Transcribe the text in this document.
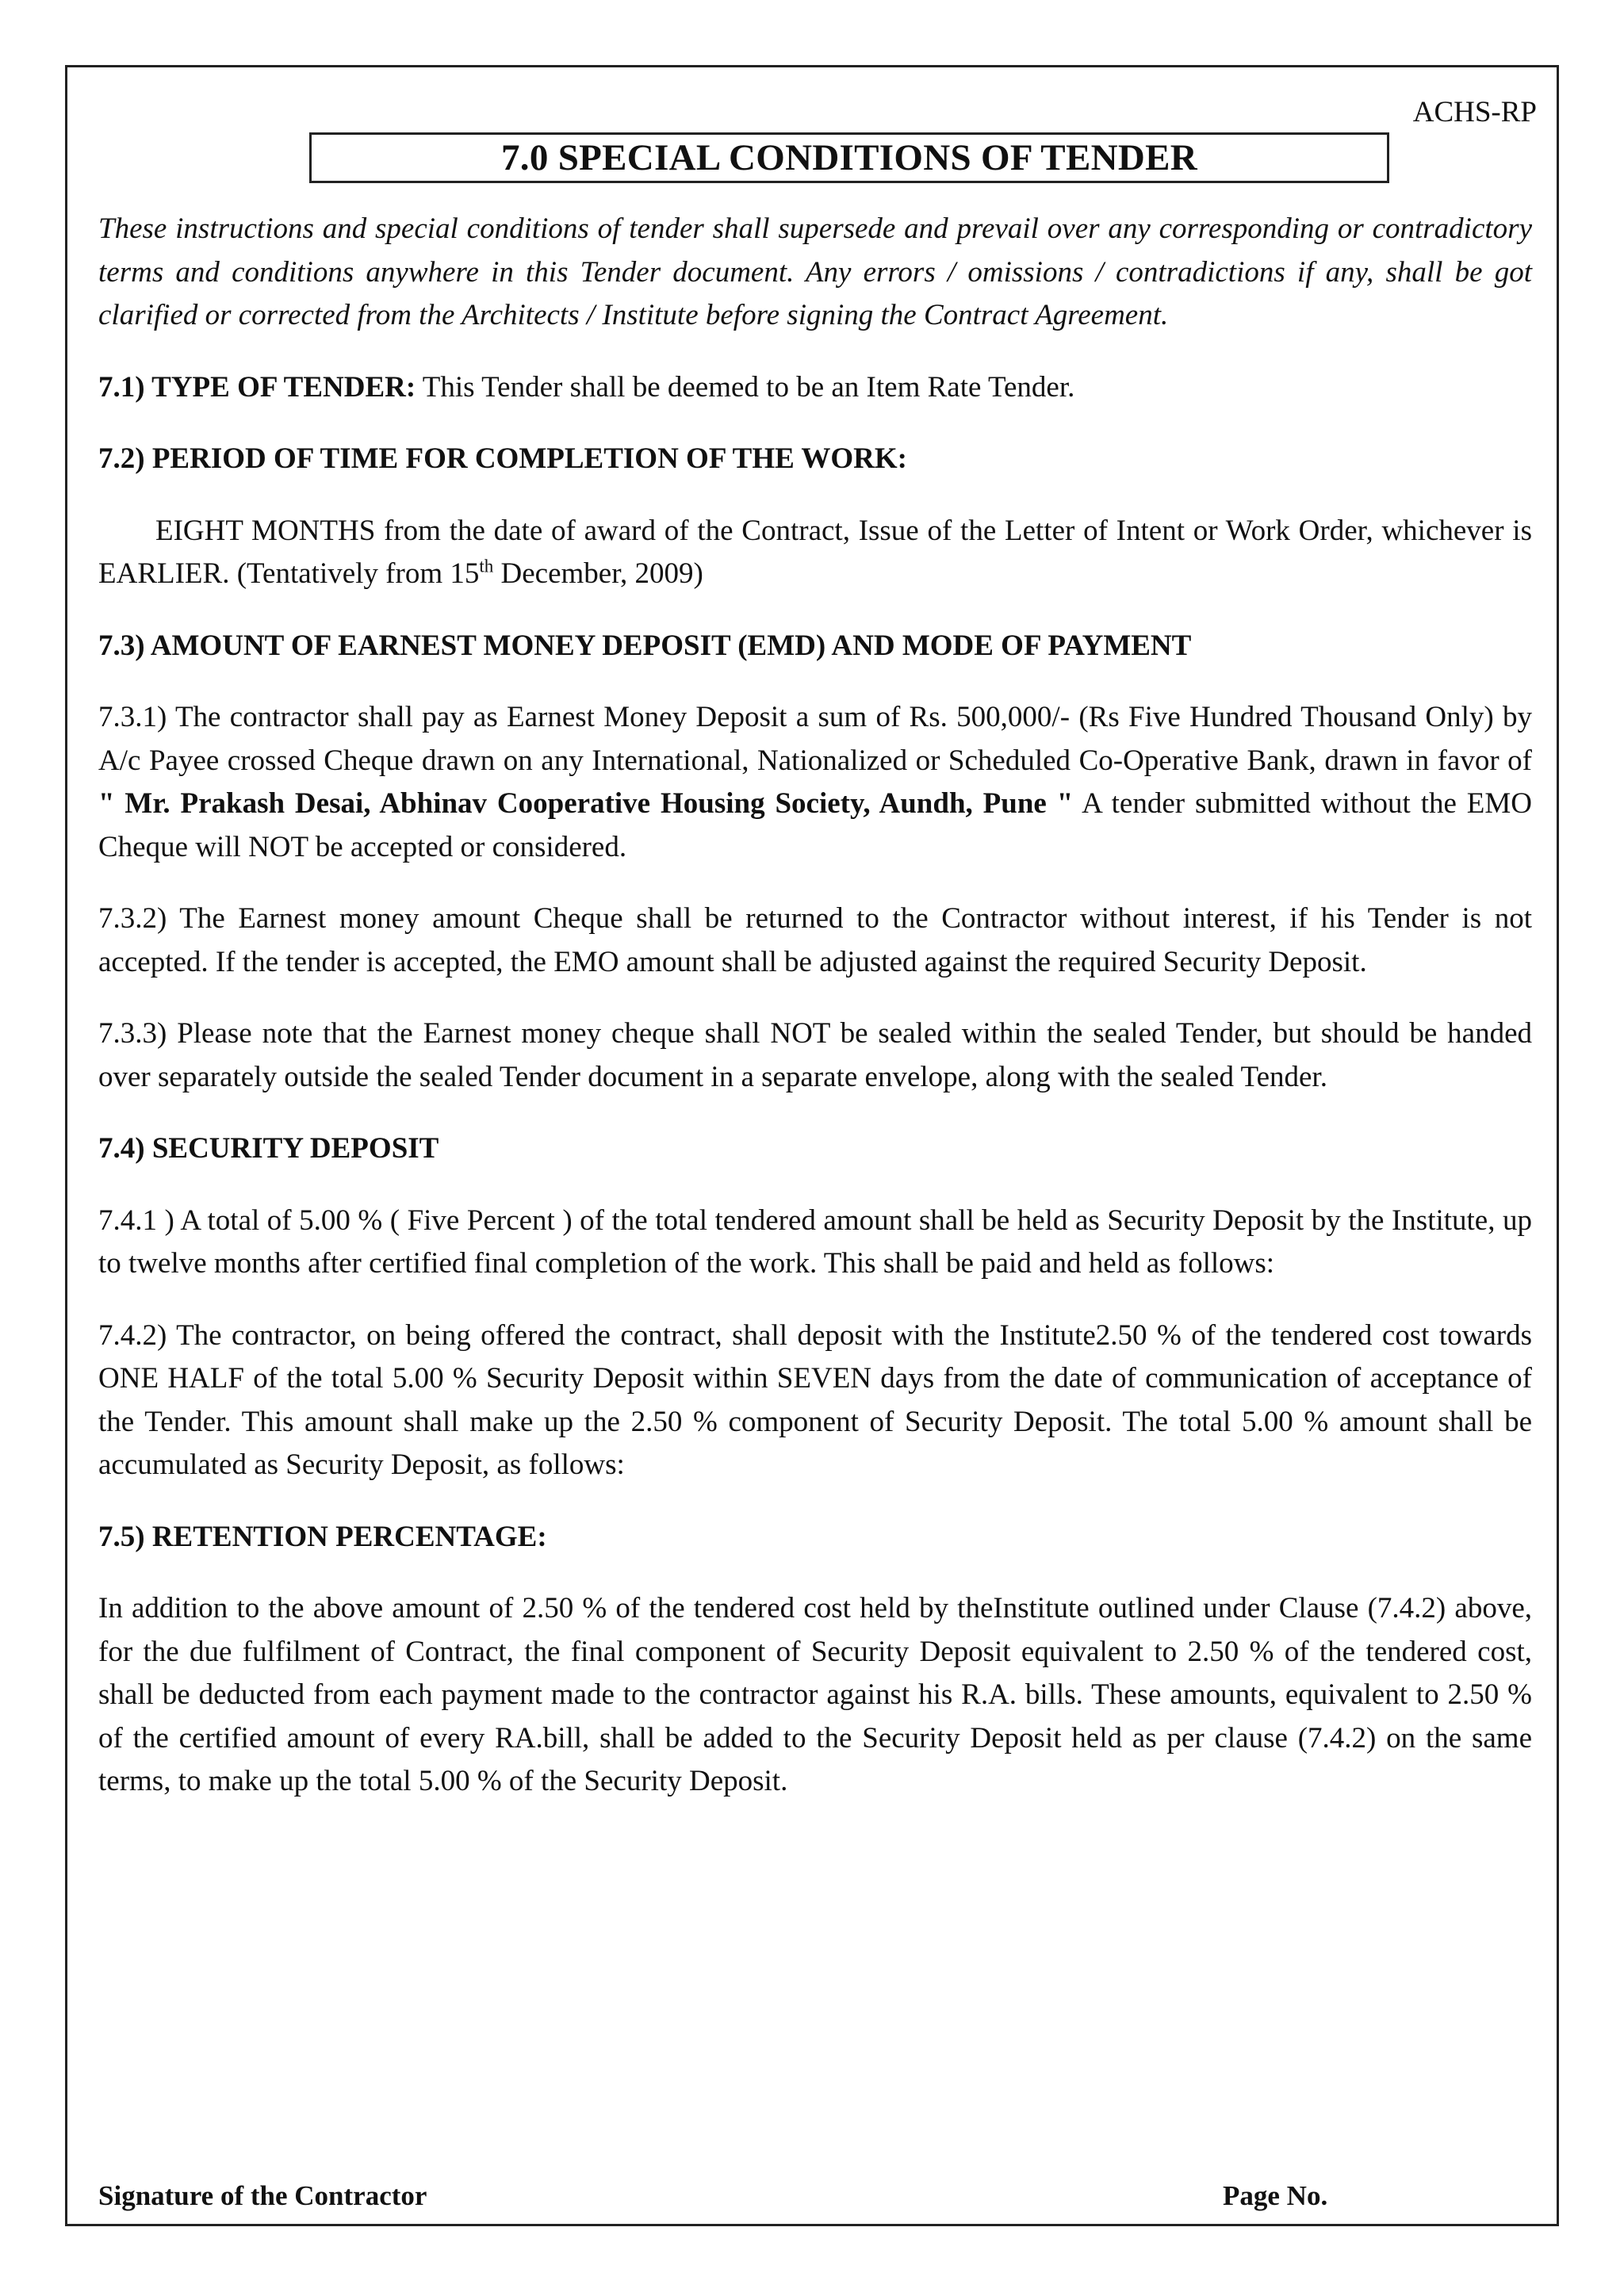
ACHS-RP
7.0 SPECIAL CONDITIONS OF TENDER

These instructions and special conditions of tender shall supersede and prevail over any corresponding or contradictory terms and conditions anywhere in this Tender document. Any errors / omissions / contradictions if any, shall be got clarified or corrected from the Architects / Institute before signing the Contract Agreement.

7.1) TYPE OF TENDER: This Tender shall be deemed to be an Item Rate Tender.

7.2) PERIOD OF TIME FOR COMPLETION OF THE WORK:

EIGHT MONTHS from the date of award of the Contract, Issue of the Letter of Intent or Work Order, whichever is EARLIER. (Tentatively from 15th December, 2009)

7.3) AMOUNT OF EARNEST MONEY DEPOSIT (EMD) AND MODE OF PAYMENT

7.3.1) The contractor shall pay as Earnest Money Deposit a sum of Rs. 500,000/- (Rs Five Hundred Thousand Only) by A/c Payee crossed Cheque drawn on any International, Nationalized or Scheduled Co-Operative Bank, drawn in favor of " Mr. Prakash Desai, Abhinav Cooperative Housing Society, Aundh, Pune " A tender submitted without the EMO Cheque will NOT be accepted or considered.

7.3.2) The Earnest money amount Cheque shall be returned to the Contractor without interest, if his Tender is not accepted. If the tender is accepted, the EMO amount shall be adjusted against the required Security Deposit.

7.3.3) Please note that the Earnest money cheque shall NOT be sealed within the sealed Tender, but should be handed over separately outside the sealed Tender document in a separate envelope, along with the sealed Tender.

7.4) SECURITY DEPOSIT

7.4.1 ) A total of 5.00 % ( Five Percent ) of the total tendered amount shall be held as Security Deposit by the Institute, up to twelve months after certified final completion of the work. This shall be paid and held as follows:

7.4.2) The contractor, on being offered the contract, shall deposit with the Institute2.50 % of the tendered cost towards ONE HALF of the total 5.00 % Security Deposit within SEVEN days from the date of communication of acceptance of the Tender. This amount shall make up the 2.50 % component of Security Deposit. The total 5.00 % amount shall be accumulated as Security Deposit, as follows:

7.5) RETENTION PERCENTAGE:

In addition to the above amount of 2.50 % of the tendered cost held by theInstitute outlined under Clause (7.4.2) above, for the due fulfilment of Contract, the final component of Security Deposit equivalent to 2.50 % of the tendered cost, shall be deducted from each payment made to the contractor against his R.A. bills. These amounts, equivalent to 2.50 % of the certified amount of every RA.bill, shall be added to the Security Deposit held as per clause (7.4.2) on the same terms, to make up the total 5.00 % of the Security Deposit.

Signature of the Contractor	Page No.
